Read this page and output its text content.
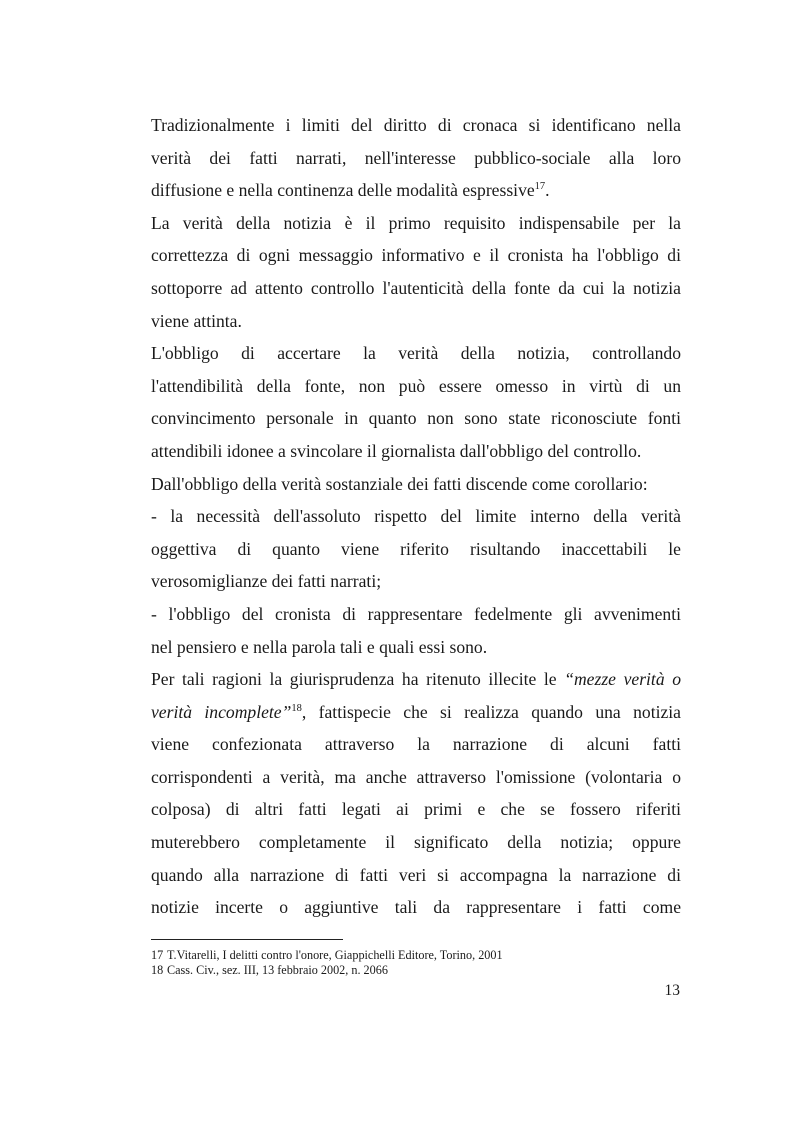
Tradizionalmente i limiti del diritto di cronaca si identificano nella

verità dei fatti narrati, nell'interesse pubblico-sociale alla loro

diffusione e nella continenza delle modalità espressive$^{17}$.

La verità della notizia è il primo requisito indispensabile per la

correttezza di ogni messaggio informativo e il cronista ha l'obbligo di

sottoporre ad attento controllo l'autenticità della fonte da cui la notizia

viene attinta.

L'obbligo di accertare la verità della notizia, controllando

l'attendibilità della fonte, non può essere omesso in virtù di un

convincimento personale in quanto non sono state riconosciute fonti

attendibili idonee a svincolare il giornalista dall'obbligo del controllo.

Dall'obbligo della verità sostanziale dei fatti discende come corollario:

- la necessità dell'assoluto rispetto del limite interno della verità

oggettiva di quanto viene riferito risultando inaccettabili le

verosomiglianze dei fatti narrati;

- l'obbligo del cronista di rappresentare fedelmente gli avvenimenti

nel pensiero e nella parola tali e quali essi sono.

Per tali ragioni la giurisprudenza ha ritenuto illecite le “mezze verità o

verità incomplete”$^{18}$, fattispecie che si realizza quando una notizia

viene confezionata attraverso la narrazione di alcuni fatti

corrispondenti a verità, ma anche attraverso l'omissione (volontaria o

colposa) di altri fatti legati ai primi e che se fossero riferiti

muterebbero completamente il significato della notizia; oppure

quando alla narrazione di fatti veri si accompagna la narrazione di

notizie incerte o aggiuntive tali da rappresentare i fatti come

17 T.Vitarelli, I delitti contro l'onore, Giappichelli Editore, Torino, 2001
18 Cass. Civ., sez. III, 13 febbraio 2002, n. 2066
13
